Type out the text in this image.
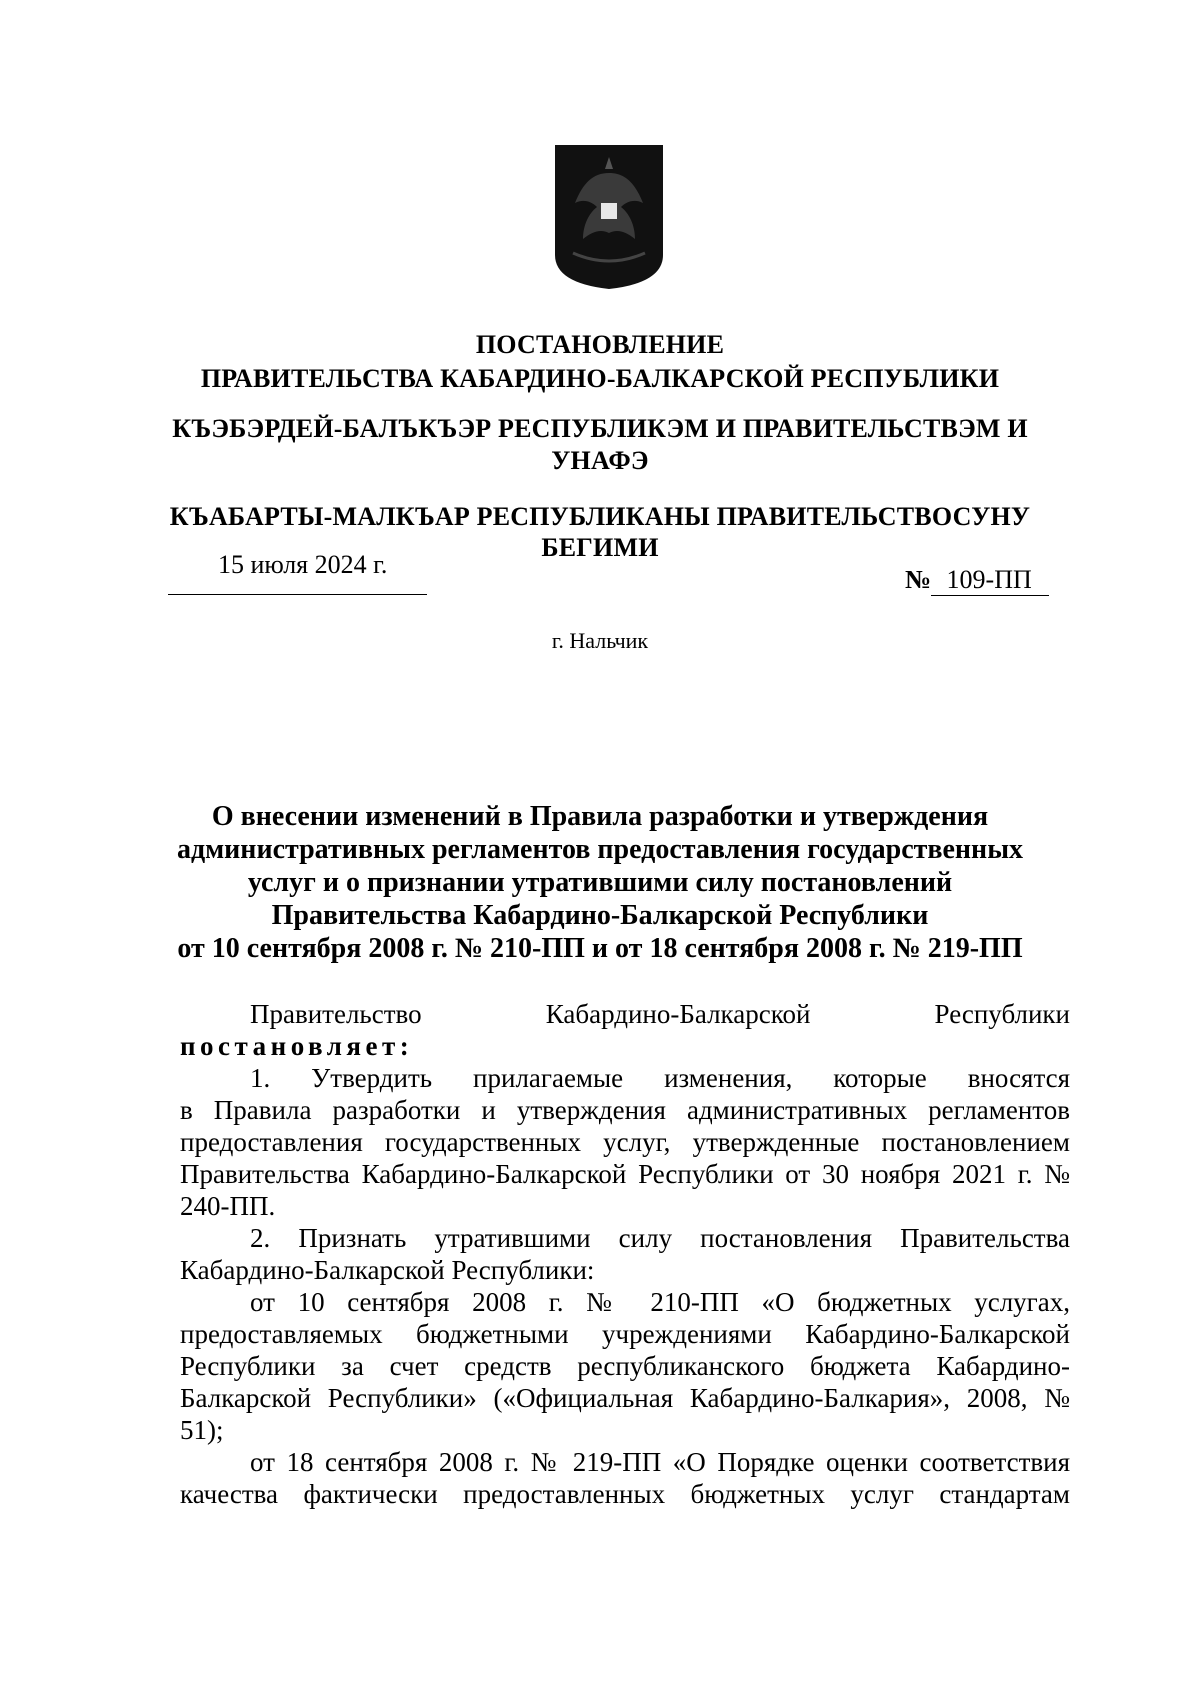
ПОСТАНОВЛЕНИЕ
ПРАВИТЕЛЬСТВА КАБАРДИНО-БАЛКАРСКОЙ РЕСПУБЛИКИ
КЪЭБЭРДЕЙ-БАЛЪКЪЭР РЕСПУБЛИКЭМ И ПРАВИТЕЛЬСТВЭМ И
УНАФЭ
КЪАБАРТЫ-МАЛКЪАР РЕСПУБЛИКАНЫ ПРАВИТЕЛЬСТВОСУНУ
БЕГИМИ
15 июля 2024 г.
№ 109-ПП
г. Нальчик
О внесении изменений в Правила разработки и утверждения
административных регламентов предоставления государственных
услуг и о признании утратившими силу постановлений
Правительства Кабардино-Балкарской Республики
от 10 сентября 2008 г. № 210-ПП и от 18 сентября 2008 г. № 219-ПП
Правительство Кабардино-Балкарской Республики
постановляет:
1. Утвердить прилагаемые изменения, которые вносятся
в Правила разработки и утверждения административных регламентов предоставления государственных услуг, утвержденные постановлением Правительства Кабардино-Балкарской Республики от 30 ноября 2021 г. № 240-ПП.
2. Признать утратившими силу постановления Правительства Кабардино-Балкарской Республики:
от 10 сентября 2008 г. № 210-ПП «О бюджетных услугах, предоставляемых бюджетными учреждениями Кабардино-Балкарской Республики за счет средств республиканского бюджета Кабардино-Балкарской Республики» («Официальная Кабардино-Балкария», 2008, № 51);
от 18 сентября 2008 г. № 219-ПП «О Порядке оценки соответствия качества фактически предоставленных бюджетных услуг стандартам
